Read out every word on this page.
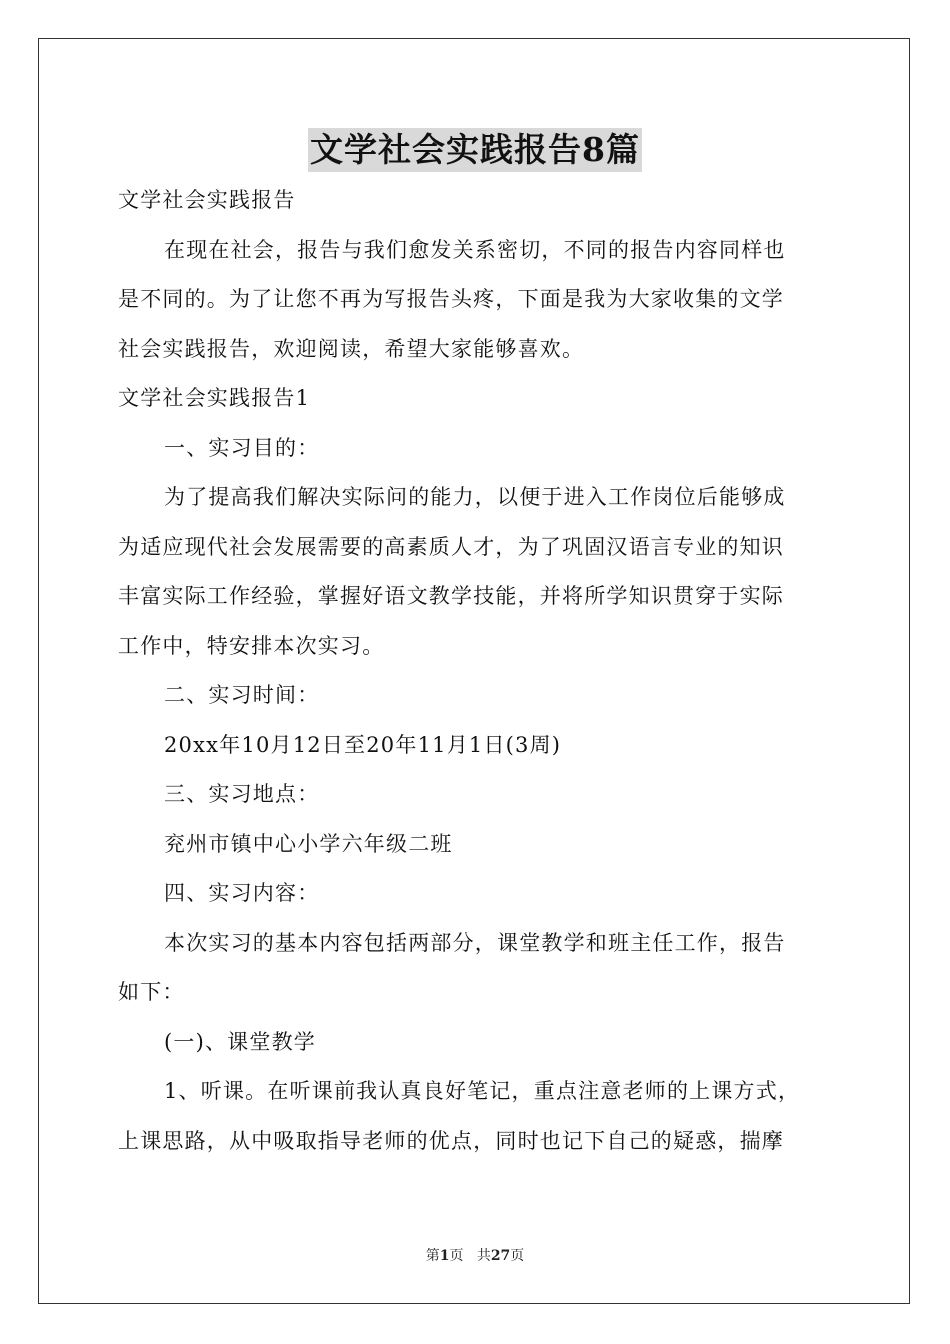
文学社会实践报告8篇
文学社会实践报告
在现在社会，报告与我们愈发关系密切，不同的报告内容同样也
是不同的。为了让您不再为写报告头疼，下面是我为大家收集的文学
社会实践报告，欢迎阅读，希望大家能够喜欢。
文学社会实践报告1
一、实习目的：
为了提高我们解决实际问的能力，以便于进入工作岗位后能够成
为适应现代社会发展需要的高素质人才，为了巩固汉语言专业的知识
丰富实际工作经验，掌握好语文教学技能，并将所学知识贯穿于实际
工作中，特安排本次实习。
二、实习时间：
20xx年10月12日至20年11月1日(3周)
三、实习地点：
兖州市镇中心小学六年级二班
四、实习内容：
本次实习的基本内容包括两部分，课堂教学和班主任工作，报告
如下：
(一)、课堂教学
1、听课。在听课前我认真良好笔记，重点注意老师的上课方式，
上课思路，从中吸取指导老师的优点，同时也记下自己的疑惑，揣摩
第1页 共27页
